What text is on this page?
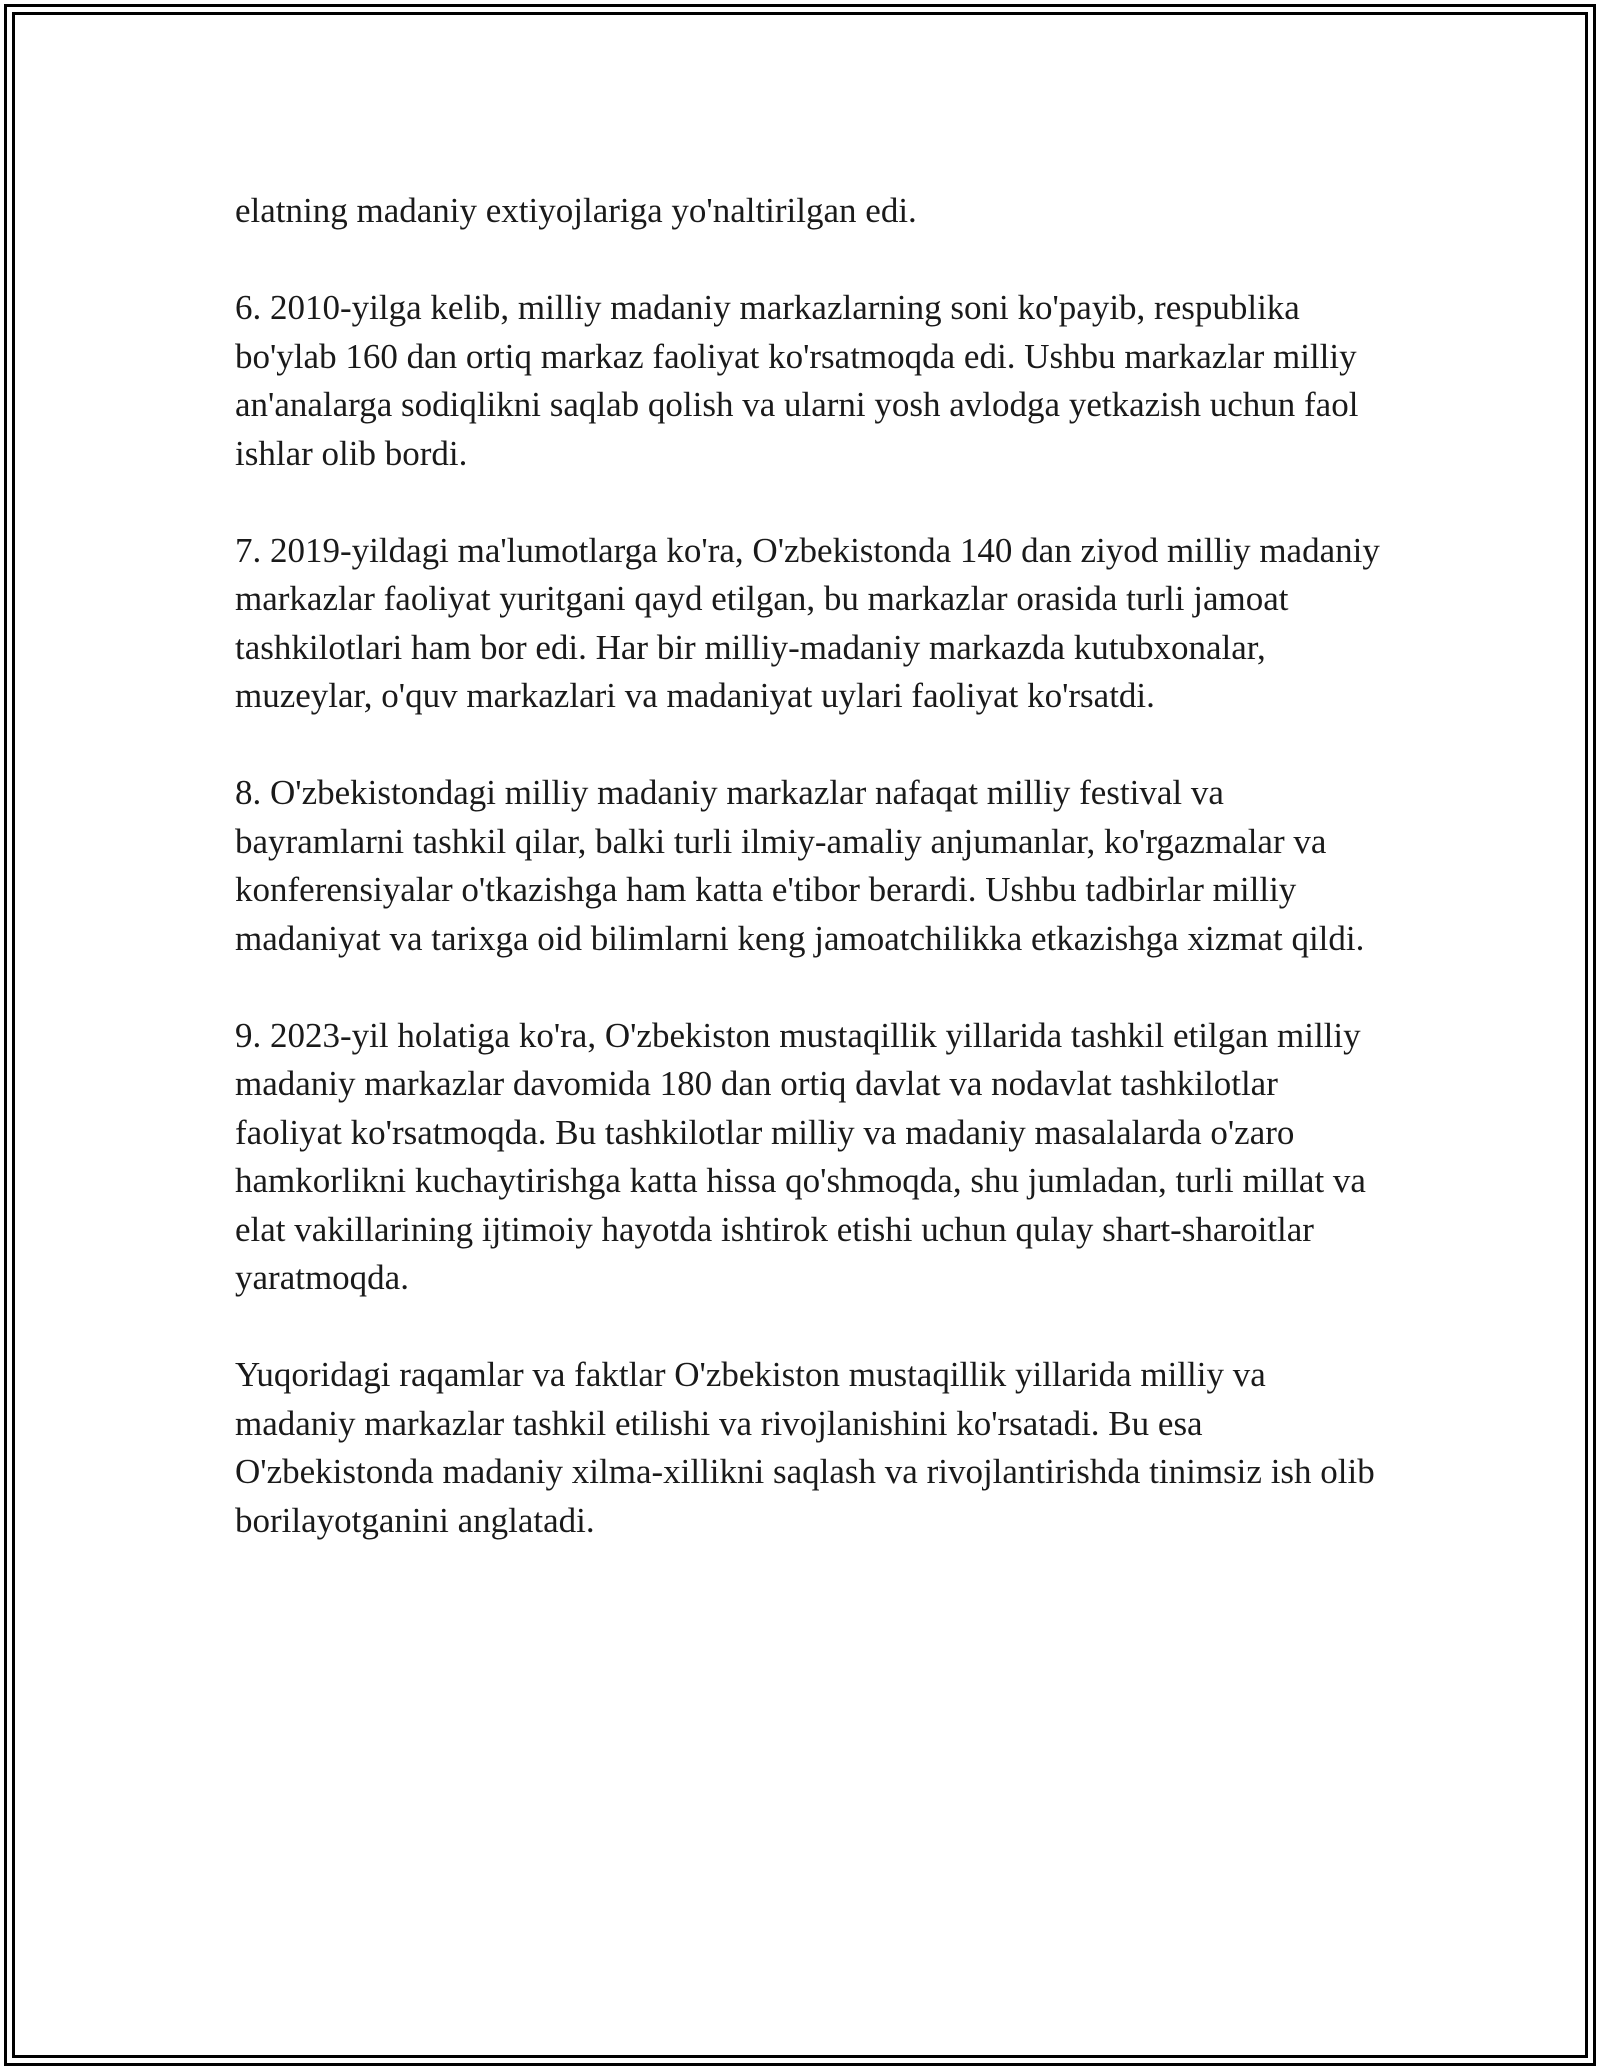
elatning madaniy extiyojlariga yo'naltirilgan edi.

6. 2010-yilga kelib, milliy madaniy markazlarning soni ko'payib, respublika bo'ylab 160 dan ortiq markaz faoliyat ko'rsatmoqda edi. Ushbu markazlar milliy an'analarga sodiqlikni saqlab qolish va ularni yosh avlodga yetkazish uchun faol ishlar olib bordi.

7. 2019-yildagi ma'lumotlarga ko'ra, O'zbekistonda 140 dan ziyod milliy madaniy markazlar faoliyat yuritgani qayd etilgan, bu markazlar orasida turli jamoat tashkilotlari ham bor edi. Har bir milliy-madaniy markazda kutubxonalar, muzeylar, o'quv markazlari va madaniyat uylari faoliyat ko'rsatdi.

8. O'zbekistondagi milliy madaniy markazlar nafaqat milliy festival va bayramlarni tashkil qilar, balki turli ilmiy-amaliy anjumanlar, ko'rgazmalar va konferensiyalar o'tkazishga ham katta e'tibor berardi. Ushbu tadbirlar milliy madaniyat va tarixga oid bilimlarni keng jamoatchilikka etkazishga xizmat qildi.

9. 2023-yil holatiga ko'ra, O'zbekiston mustaqillik yillarida tashkil etilgan milliy madaniy markazlar davomida 180 dan ortiq davlat va nodavlat tashkilotlar faoliyat ko'rsatmoqda. Bu tashkilotlar milliy va madaniy masalalarda o'zaro hamkorlikni kuchaytirishga katta hissa qo'shmoqda, shu jumladan, turli millat va elat vakillarining ijtimoiy hayotda ishtirok etishi uchun qulay shart-sharoitlar yaratmoqda.

Yuqoridagi raqamlar va faktlar O'zbekiston mustaqillik yillarida milliy va madaniy markazlar tashkil etilishi va rivojlanishini ko'rsatadi. Bu esa O'zbekistonda madaniy xilma-xillikni saqlash va rivojlantirishda tinimsiz ish olib borilayotganini anglatadi.
